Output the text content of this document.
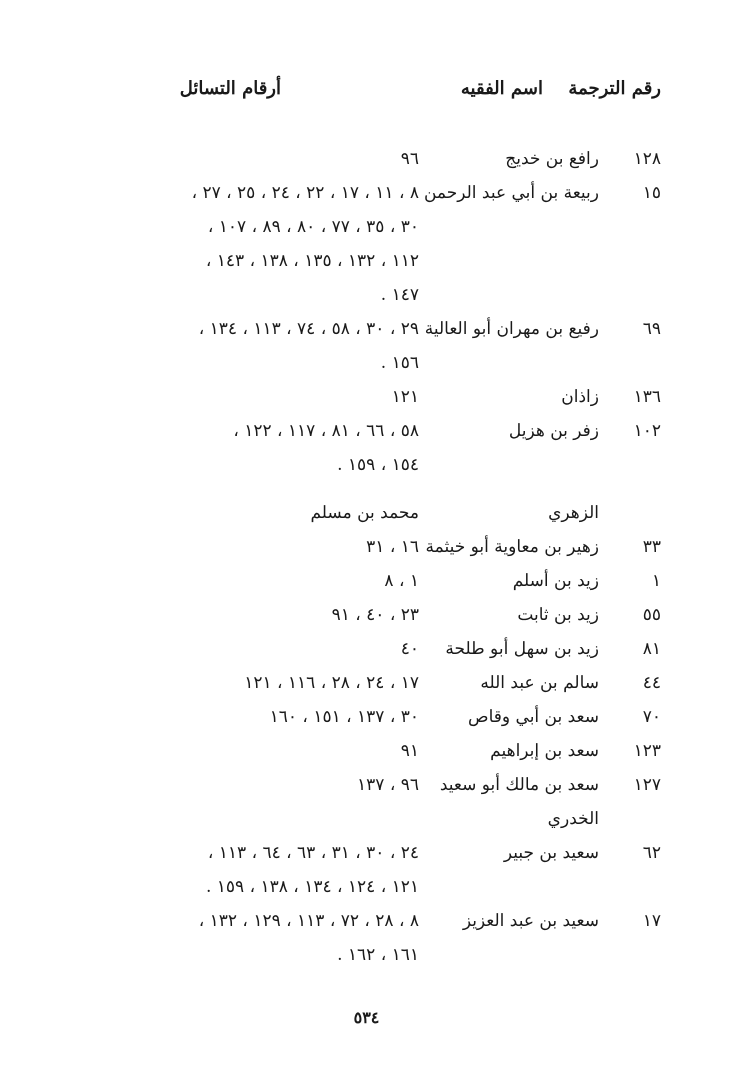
رقم الترجمة
اسم الفقيه
أرقام التسائل
١٢٨
رافع بن خديج
٩٦
١٥
ربيعة بن أبي عبد الرحمن
٨ ، ١١ ، ١٧ ، ٢٢ ، ٢٤ ، ٢٥ ، ٢٧ ،
٣٠ ، ٣٥ ، ٧٧ ، ٨٠ ، ٨٩ ، ١٠٧ ،
١١٢ ، ١٣٢ ، ١٣٥ ، ١٣٨ ، ١٤٣ ،
١٤٧ .
٦٩
رفيع بن مهران أبو العالية
٢٩ ، ٣٠ ، ٥٨ ، ٧٤ ، ١١٣ ، ١٣٤ ،
١٥٦ .
١٣٦
زاذان
١٢١
١٠٢
زفر بن هزيل
٥٨ ، ٦٦ ، ٨١ ، ١١٧ ، ١٢٢ ،
١٥٤ ، ١٥٩ .
الزهري
محمد بن مسلم
٣٣
زهير بن معاوية أبو خيثمة
١٦ ، ٣١
١
زيد بن أسلم
١ ، ٨
٥٥
زيد بن ثابت
٢٣ ، ٤٠ ، ٩١
٨١
زيد بن سهل أبو طلحة
٤٠
٤٤
سالم بن عبد الله
١٧ ، ٢٤ ، ٢٨ ، ١١٦ ، ١٢١
٧٠
سعد بن أبي وقاص
٣٠ ، ١٣٧ ، ١٥١ ، ١٦٠
١٢٣
سعد بن إبراهيم
٩١
١٢٧
سعد بن مالك أبو سعيد
الخدري
٩٦ ، ١٣٧
٦٢
سعيد بن جبير
٢٤ ، ٣٠ ، ٣١ ، ٦٣ ، ٦٤ ، ١١٣ ،
١٢١ ، ١٢٤ ، ١٣٤ ، ١٣٨ ، ١٥٩ .
١٧
سعيد بن عبد العزيز
٨ ، ٢٨ ، ٧٢ ، ١١٣ ، ١٢٩ ، ١٣٢ ،
١٦١ ، ١٦٢ .
٥٣٤
